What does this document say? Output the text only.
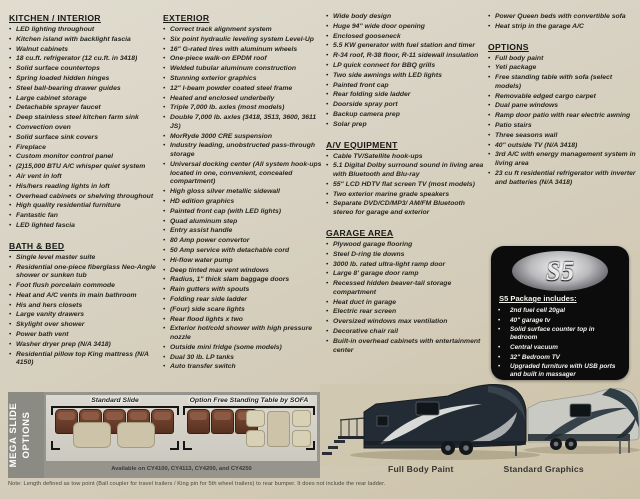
KITCHEN / INTERIOR
• LED lighting throughout
• Kitchen island with backlight fascia
• Walnut cabinets
• 18 cu.ft. refrigerator (12 cu.ft. in 3418)
• Solid surface countertops
• Spring loaded hidden hinges
• Steel ball-bearing drawer guides
• Large cabinet storage
• Detachable sprayer faucet
• Deep stainless steel kitchen farm sink
• Convection oven
• Solid surface sink covers
• Fireplace
• Custom monitor control panel
• (2)15,000 BTU A/C whisper quiet system
• Air vent in loft
• His/hers reading lights in loft
• Overhead cabinets or shelving throughout
• High quality residential furniture
• Fantastic fan
• LED lighted fascia
BATH & BED
• Single level master suite
• Residential one-piece fiberglass Neo-Angle shower or sunken tub
• Foot flush porcelain commode
• Heat and A/C vents in main bathroom
• His and hers closets
• Large vanity drawers
• Skylight over shower
• Power bath vent
• Washer dryer prep (N/A 3418)
• Residential pillow top King mattress (N/A 4150)
EXTERIOR
• Correct track alignment system
• Six point hydraulic leveling system Level-Up
• 16" G-rated tires with aluminum wheels
• One-piece walk-on EPDM roof
• Welded tubular aluminum construction
• Stunning exterior graphics
• 12" I-beam powder coated steel frame
• Heated and enclosed underbelly
• Triple 7,000 lb. axles (most models)
• Double 7,000 lb. axles (3418, 3513, 3600, 3611 JS)
• MorRyde 3000 CRE suspension
• Industry leading, unobstructed pass-through storage
• Universal docking center (All system hook-ups located in one, convenient, concealed compartment)
• High gloss silver metallic sidewall
• HD edition graphics
• Painted front cap (with LED lights)
• Quad aluminum step
• Entry assist handle
• 80 Amp power convertor
• 50 Amp service with detachable cord
• Hi-flow water pump
• Deep tinted max vent windows
• Radius, 1" thick slam baggage doors
• Rain gutters with spouts
• Folding rear side ladder
• (Four) side scare lights
• Rear flood lights x two
• Exterior hot/cold shower with high pressure nozzle
• Outside mini fridge (some models)
• Dual 30 lb. LP tanks
• Auto transfer switch
• Wide body design
• Huge 94" wide door opening
• Enclosed gooseneck
• 5.5 KW generator with fuel station and timer
• R-34 roof, R-38 floor, R-11 sidewall insulation
• LP quick connect for BBQ grills
• Two side awnings with LED lights
• Painted front cap
• Rear folding side ladder
• Doorside spray port
• Backup camera prep
• Solar prep
A/V EQUIPMENT
• Cable TV/Satellite hook-ups
• 5.1 Digital Dolby surround sound in living area with Bluetooth and Blu-ray
• 55" LCD HDTV flat screen TV (most models)
• Two exterior marine grade speakers
• Separate DVD/CD/MP3/ AM/FM Bluetooth stereo for garage and exterior
GARAGE AREA
• Plywood garage flooring
• Steel D-ring tie downs
• 3000 lb. rated ultra-light ramp door
• Large 8' garage door ramp
• Recessed hidden beaver-tail storage compartment
• Heat duct in garage
• Electric rear screen
• Oversized windows max ventilation
• Decorative chair rail
• Built-in overhead cabinets with entertainment center
• Power Queen beds with convertible sofa
• Heat strip in the garage A/C
OPTIONS
• Full body paint
• Yeti package
• Free standing table with sofa (select models)
• Removable edged cargo carpet
• Dual pane windows
• Ramp door patio with rear electric awning
• Patio stairs
• Three seasons wall
• 40" outside TV (N/A 3418)
• 3rd A/C with energy management system in living area
• 23 cu ft residential refrigerator with inverter and batteries (N/A 3418)
S5
S5 Package includes:
• 2nd fuel cell 20gal
• 40" garage tv
• Solid surface counter top in bedroom
• Central vacuum
• 32" Bedroom TV
• Upgraded furniture with USB ports and built in massager
MEGA SLIDE OPTIONS
Standard Slide	Option Free Standing Table by SOFA
Available on CY4100, CY4113, CY4200, and CY4250	Full Body Paint	Standard Graphics
Note: Length defined as tow point (Ball coupler for travel trailers / King pin for 5th wheel trailers) to rear bumper. It does not include the rear ladder.
